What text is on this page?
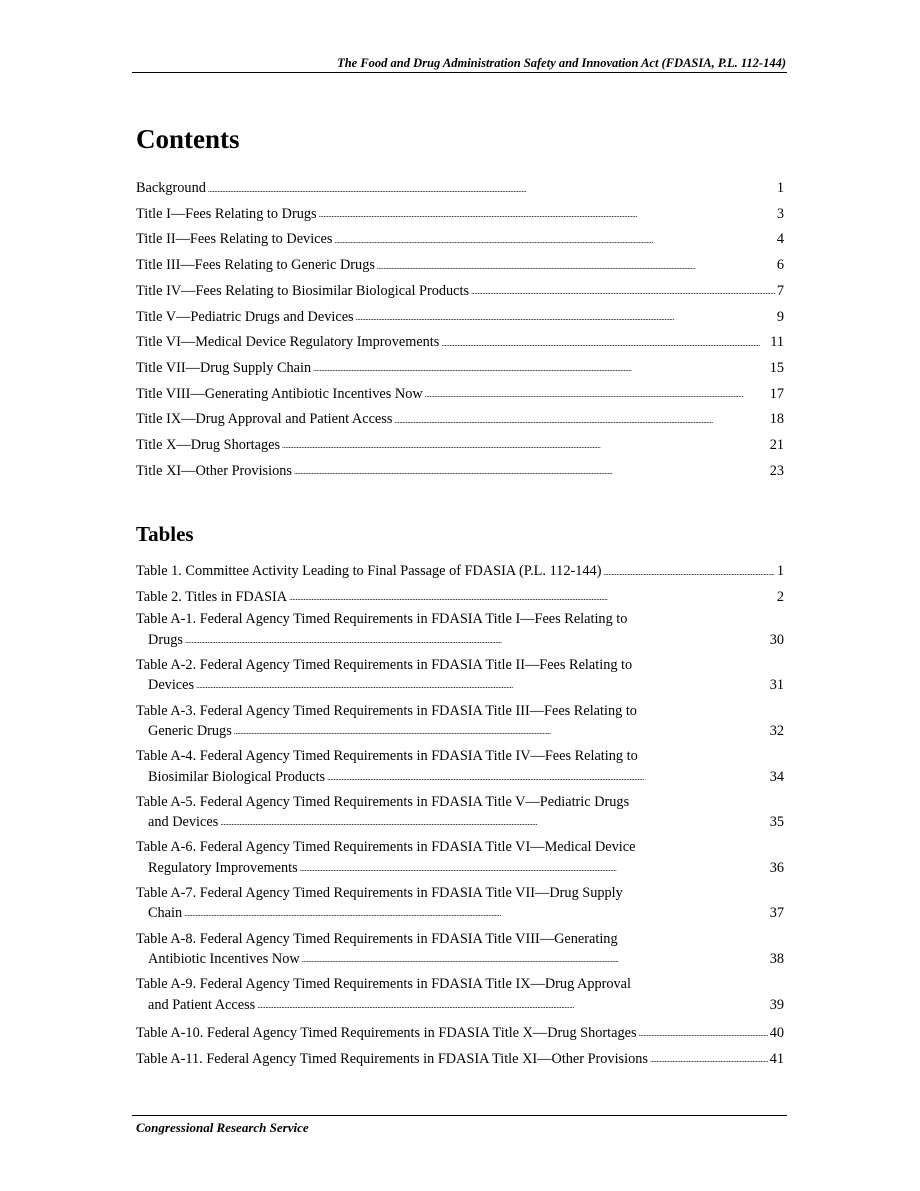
The Food and Drug Administration Safety and Innovation Act (FDASIA, P.L. 112-144)
Contents
Background . . .	1
Title I—Fees Relating to Drugs . . .	3
Title II—Fees Relating to Devices . . .	4
Title III—Fees Relating to Generic Drugs . . .	6
Title IV—Fees Relating to Biosimilar Biological Products . . .	7
Title V—Pediatric Drugs and Devices . . .	9
Title VI—Medical Device Regulatory Improvements . . .	11
Title VII—Drug Supply Chain . . .	15
Title VIII—Generating Antibiotic Incentives Now . . .	17
Title IX—Drug Approval and Patient Access . . .	18
Title X—Drug Shortages . . .	21
Title XI—Other Provisions . . .	23
Tables
Table 1. Committee Activity Leading to Final Passage of FDASIA (P.L. 112-144) . . .	1
Table 2. Titles in FDASIA . . .	2
Table A-1. Federal Agency Timed Requirements in FDASIA Title I—Fees Relating to
Drugs . . .	30
Table A-2. Federal Agency Timed Requirements in FDASIA Title II—Fees Relating to
Devices . . .	31
Table A-3. Federal Agency Timed Requirements in FDASIA Title III—Fees Relating to
Generic Drugs . . .	32
Table A-4. Federal Agency Timed Requirements in FDASIA Title IV—Fees Relating to
Biosimilar Biological Products . . .	34
Table A-5. Federal Agency Timed Requirements in FDASIA Title V—Pediatric Drugs
and Devices . . .	35
Table A-6. Federal Agency Timed Requirements in FDASIA Title VI—Medical Device
Regulatory Improvements . . .	36
Table A-7. Federal Agency Timed Requirements in FDASIA Title VII—Drug Supply
Chain . . .	37
Table A-8. Federal Agency Timed Requirements in FDASIA Title VIII—Generating
Antibiotic Incentives Now . . .	38
Table A-9. Federal Agency Timed Requirements in FDASIA Title IX—Drug Approval
and Patient Access . . .	39
Table A-10. Federal Agency Timed Requirements in FDASIA Title X—Drug Shortages . . .	40
Table A-11. Federal Agency Timed Requirements in FDASIA Title XI—Other Provisions . . .	41
Congressional Research Service
